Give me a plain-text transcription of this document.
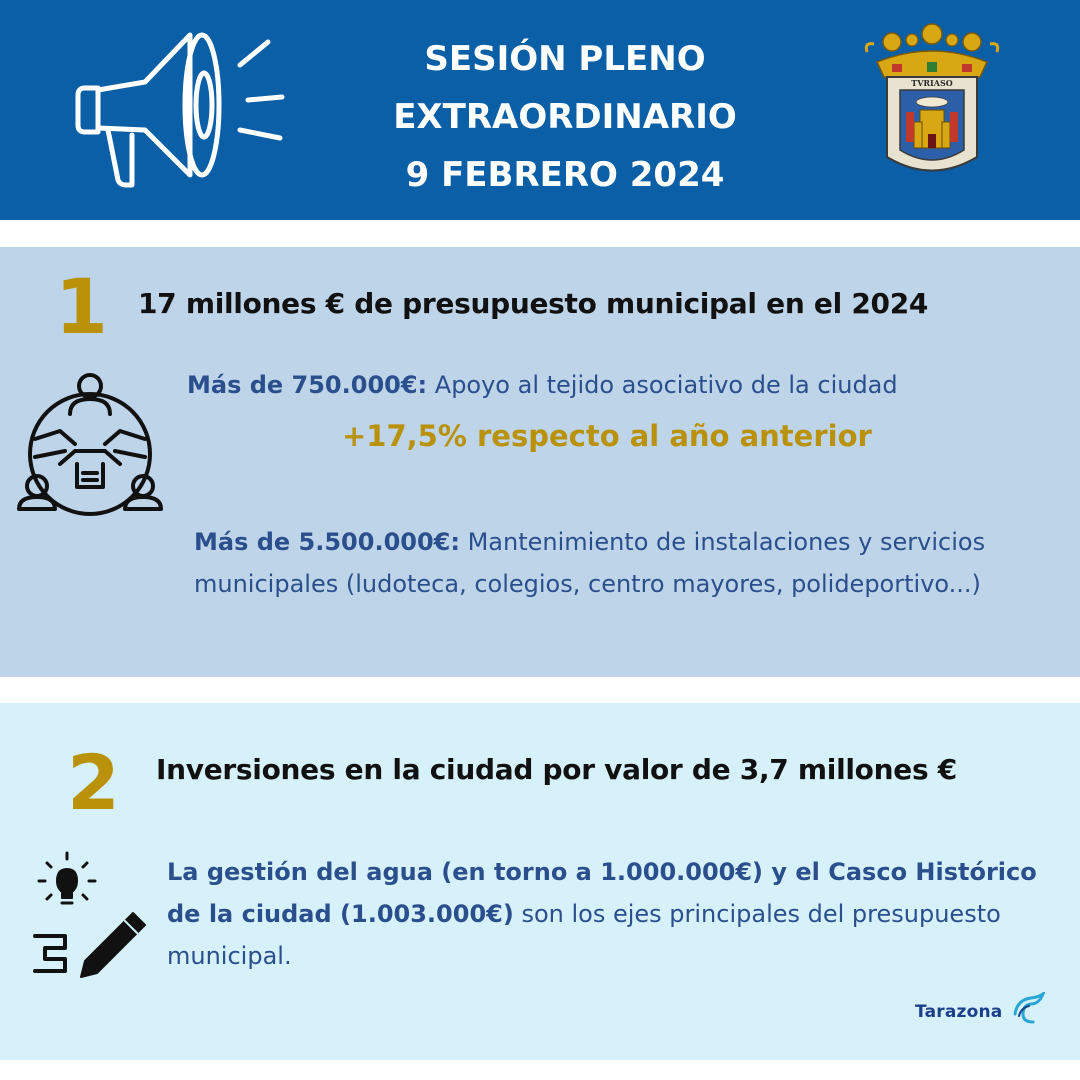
SESIÓN PLENO
EXTRAORDINARIO
9 FEBRERO 2024
TVRIASO
1 17 millones € de presupuesto municipal en el 2024
Más de 750.000€: Apoyo al tejido asociativo de la ciudad
+17,5% respecto al año anterior
Más de 5.500.000€: Mantenimiento de instalaciones y servicios municipales (ludoteca, colegios, centro mayores, polideportivo...)
2 Inversiones en la ciudad por valor de 3,7 millones €
La gestión del agua (en torno a 1.000.000€) y el Casco Histórico de la ciudad (1.003.000€) son los ejes principales del presupuesto municipal.
Tarazona
